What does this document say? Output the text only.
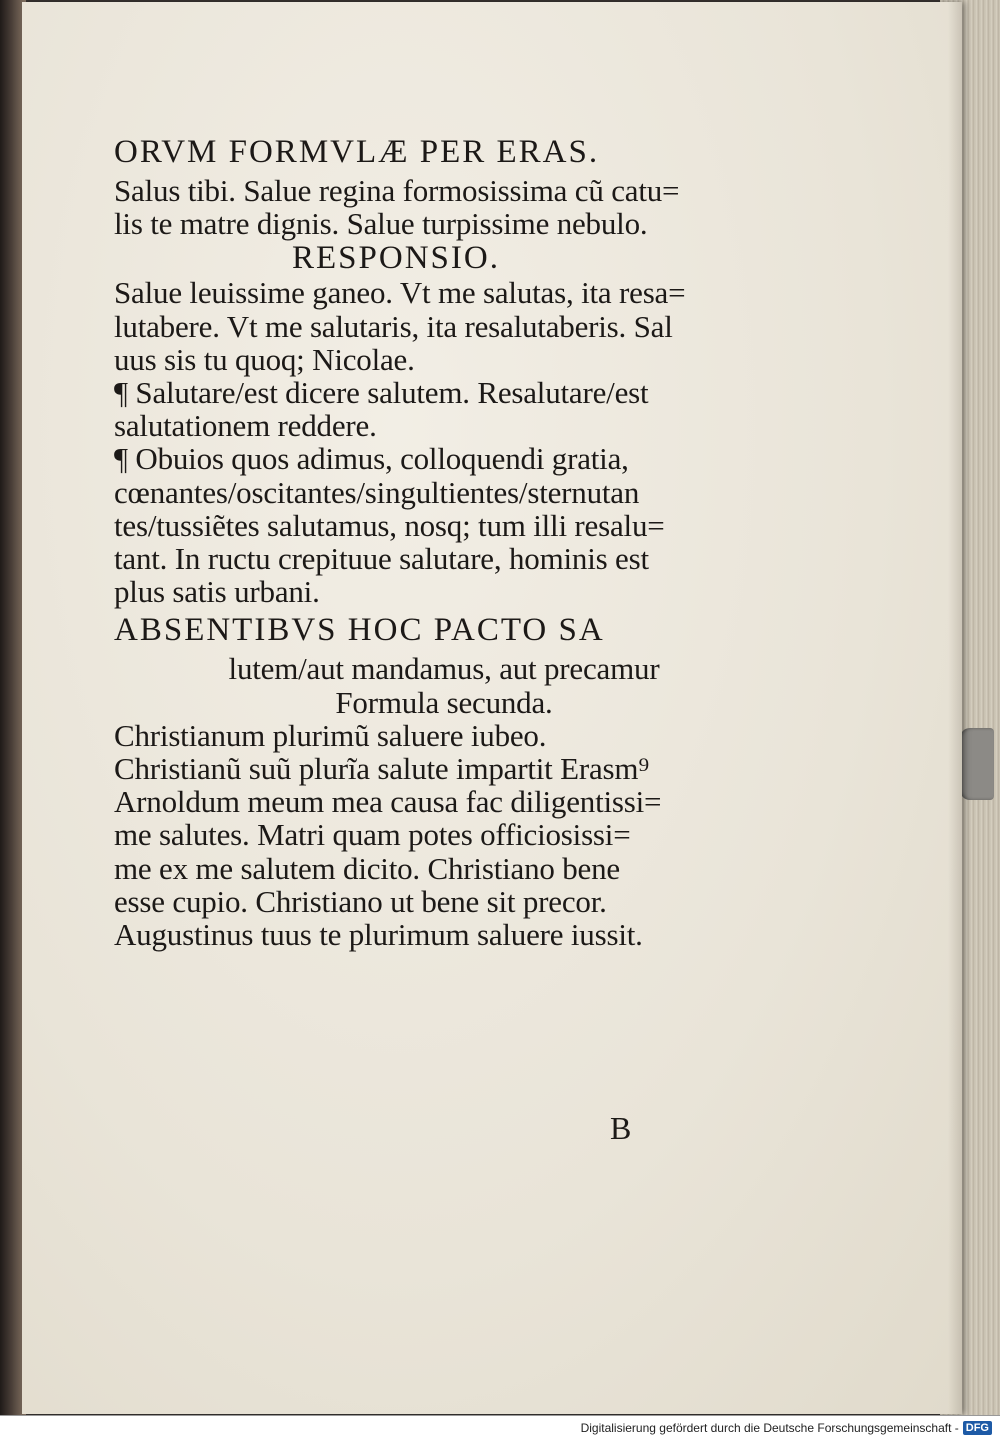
ORVM FORMVLÆ PER ERAS.
Salus tibi. Salue regina formosissima cũ catu=
lis te matre dignis. Salue turpissime nebulo.
RESPONSIO.
Salue leuissime ganeo. Vt me salutas, ita resa=
lutabere. Vt me salutaris, ita resalutaberis. Sal
uus sis tu quoq; Nicolae.
¶ Salutare/est dicere salutem. Resalutare/est
salutationem reddere.
¶ Obuios quos adimus, colloquendi gratia,
cœnantes/oscitantes/singultientes/sternutan
tes/tussiẽtes salutamus, nosq; tum illi resalu=
tant. In ructu crepituue salutare, hominis est
plus satis urbani.
ABSENTIBVS HOC PACTO SA
lutem/aut mandamus, aut precamur
Formula secunda.
Christianum plurimũ saluere iubeo.
Christianũ suũ plurĩa salute impartit Erasm⁹
Arnoldum meum mea causa fac diligentissi=
me salutes. Matri quam potes officiosissi=
me ex me salutem dicito. Christiano bene
esse cupio. Christiano ut bene sit precor.
Augustinus tuus te plurimum saluere iussit.
B
Digitalisierung gefördert durch die Deutsche Forschungsgemeinschaft - DFG
